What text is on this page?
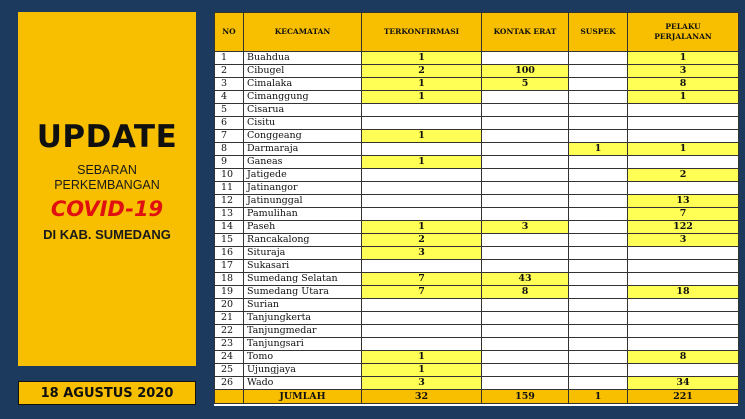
UPDATE
SEBARAN
PERKEMBANGAN
COVID-19
DI KAB. SUMEDANG
18 AGUSTUS 2020
NO	KECAMATAN	TERKONFIRMASI	KONTAK ERAT	SUSPEK	PELAKU
PERJALANAN
1	Buahdua	1			1
2	Cibugel	2	100		3
3	Cimalaka	1	5		8
4	Cimanggung	1			1
5	Cisarua				
6	Cisitu				
7	Conggeang	1			
8	Darmaraja			1	1
9	Ganeas	1			
10	Jatigede				2
11	Jatinangor				
12	Jatinunggal				13
13	Pamulihan				7
14	Paseh	1	3		122
15	Rancakalong	2			3
16	Situraja	3			
17	Sukasari				
18	Sumedang Selatan	7	43		
19	Sumedang Utara	7	8		18
20	Surian				
21	Tanjungkerta				
22	Tanjungmedar				
23	Tanjungsari				
24	Tomo	1			8
25	Ujungjaya	1			
26	Wado	3			34
	JUMLAH	32	159	1	221
